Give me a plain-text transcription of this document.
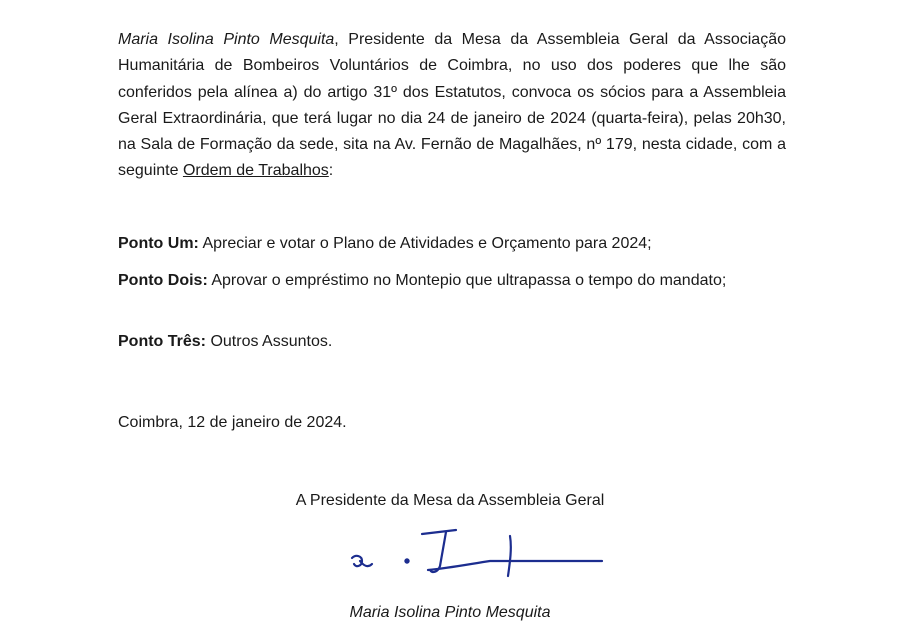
Maria Isolina Pinto Mesquita, Presidente da Mesa da Assembleia Geral da Associação Humanitária de Bombeiros Voluntários de Coimbra, no uso dos poderes que lhe são conferidos pela alínea a) do artigo 31º dos Estatutos, convoca os sócios para a Assembleia Geral Extraordinária, que terá lugar no dia 24 de janeiro de 2024 (quarta-feira), pelas 20h30, na Sala de Formação da sede, sita na Av. Fernão de Magalhães, nº 179, nesta cidade, com a seguinte Ordem de Trabalhos:

Ponto Um: Apreciar e votar o Plano de Atividades e Orçamento para 2024;

Ponto Dois: Aprovar o empréstimo no Montepio que ultrapassa o tempo do mandato;

Ponto Três: Outros Assuntos.

Coimbra, 12 de janeiro de 2024.

A Presidente da Mesa da Assembleia Geral

Maria Isolina Pinto Mesquita
